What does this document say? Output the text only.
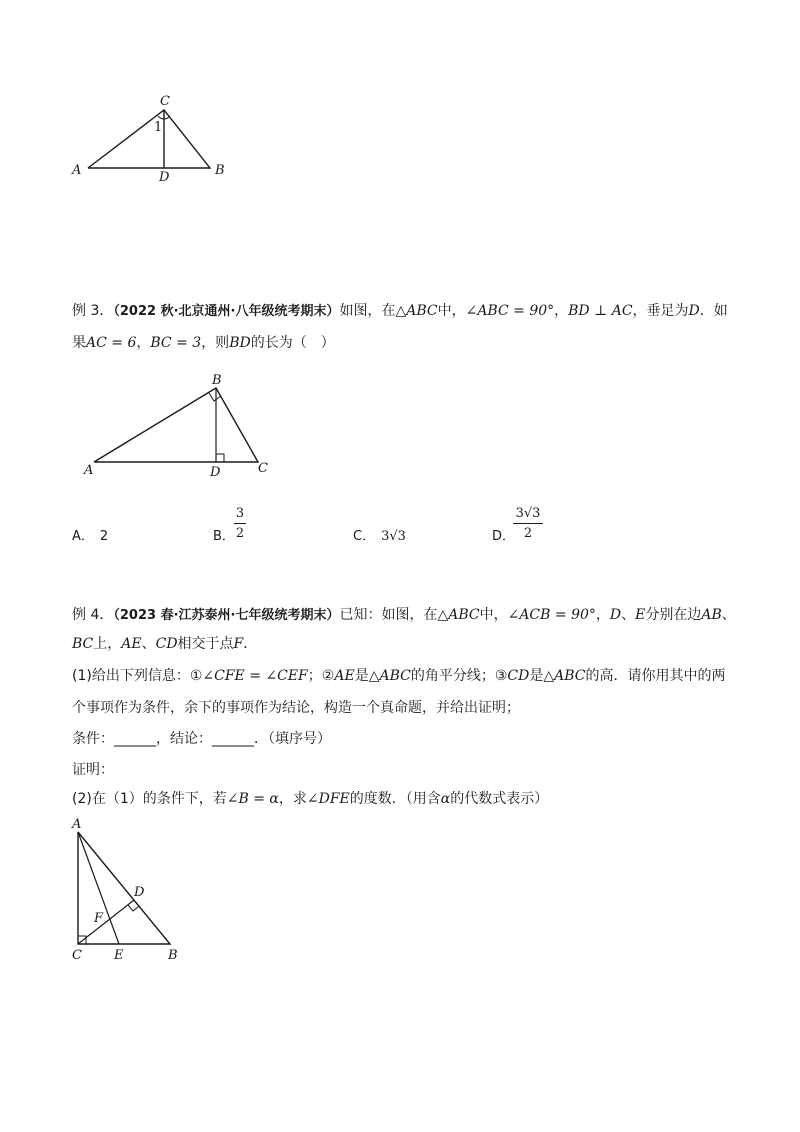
C
1
A	D	B
例 3．（2022 秋·北京通州·八年级统考期末）如图，在△ABC中，∠ABC = 90°，BD ⊥ AC，垂足为D．如
果AC = 6，BC = 3，则BD的长为（　）
B
A	D	C
A． 2	B．
3
2	C． 3√3	D．
3√3
2
例 4．（2023 春·江苏泰州·七年级统考期末）已知：如图，在△ABC中，∠ACB = 90°，D、E分别在边AB、
BC上，AE、CD相交于点F．
(1)给出下列信息：①∠CFE = ∠CEF；②AE是△ABC的角平分线；③CD是△ABC的高．请你用其中的两
个事项作为条件，余下的事项作为结论，构造一个真命题，并给出证明；
条件：______，结论：______．（填序号）
证明：
(2)在（1）的条件下，若∠B = α，求∠DFE的度数．（用含α的代数式表示）
A
D
F
C E	B
